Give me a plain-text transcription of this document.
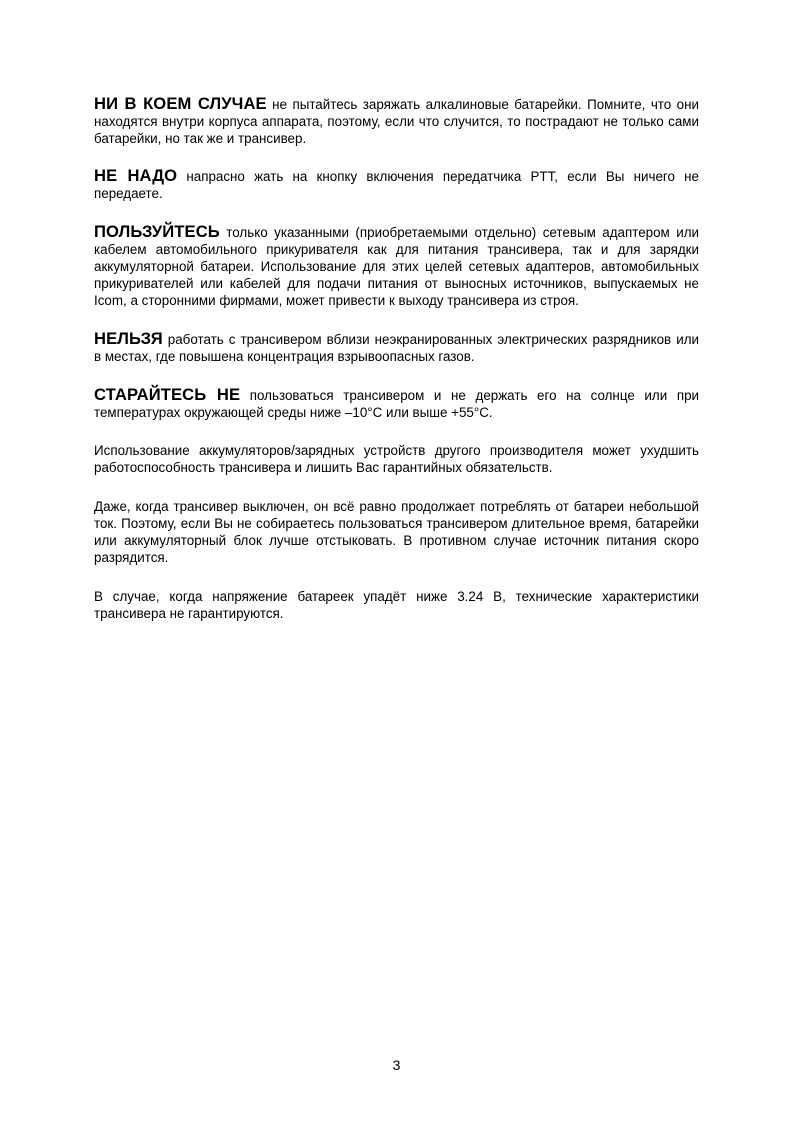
НИ В КОЕМ СЛУЧАЕ не пытайтесь заряжать алкалиновые батарейки. Помните, что они находятся внутри корпуса аппарата, поэтому, если что случится, то пострадают не только сами батарейки, но так же и трансивер.

НЕ НАДО напрасно жать на кнопку включения передатчика PTT, если Вы ничего не передаете.

ПОЛЬЗУЙТЕСЬ только указанными (приобретаемыми отдельно) сетевым адаптером или кабелем автомобильного прикуривателя как для питания трансивера, так и для зарядки аккумуляторной батареи. Использование для этих целей сетевых адаптеров, автомобильных прикуривателей или кабелей для подачи питания от выносных источников, выпускаемых не Icom, а сторонними фирмами, может привести к выходу трансивера из строя.

НЕЛЬЗЯ работать с трансивером вблизи неэкранированных электрических разрядников или в местах, где повышена концентрация взрывоопасных газов.

СТАРАЙТЕСЬ НЕ пользоваться трансивером и не держать его на солнце или при температурах окружающей среды ниже –10°C или выше +55°C.

Использование аккумуляторов/зарядных устройств другого производителя может ухудшить работоспособность трансивера и лишить Вас гарантийных обязательств.

Даже, когда трансивер выключен, он всё равно продолжает потреблять от батареи небольшой ток. Поэтому, если Вы не собираетесь пользоваться трансивером длительное время, батарейки или аккумуляторный блок лучше отстыковать. В противном случае источник питания скоро разрядится.

В случае, когда напряжение батареек упадёт ниже 3.24 В, технические характеристики трансивера не гарантируются.

3
